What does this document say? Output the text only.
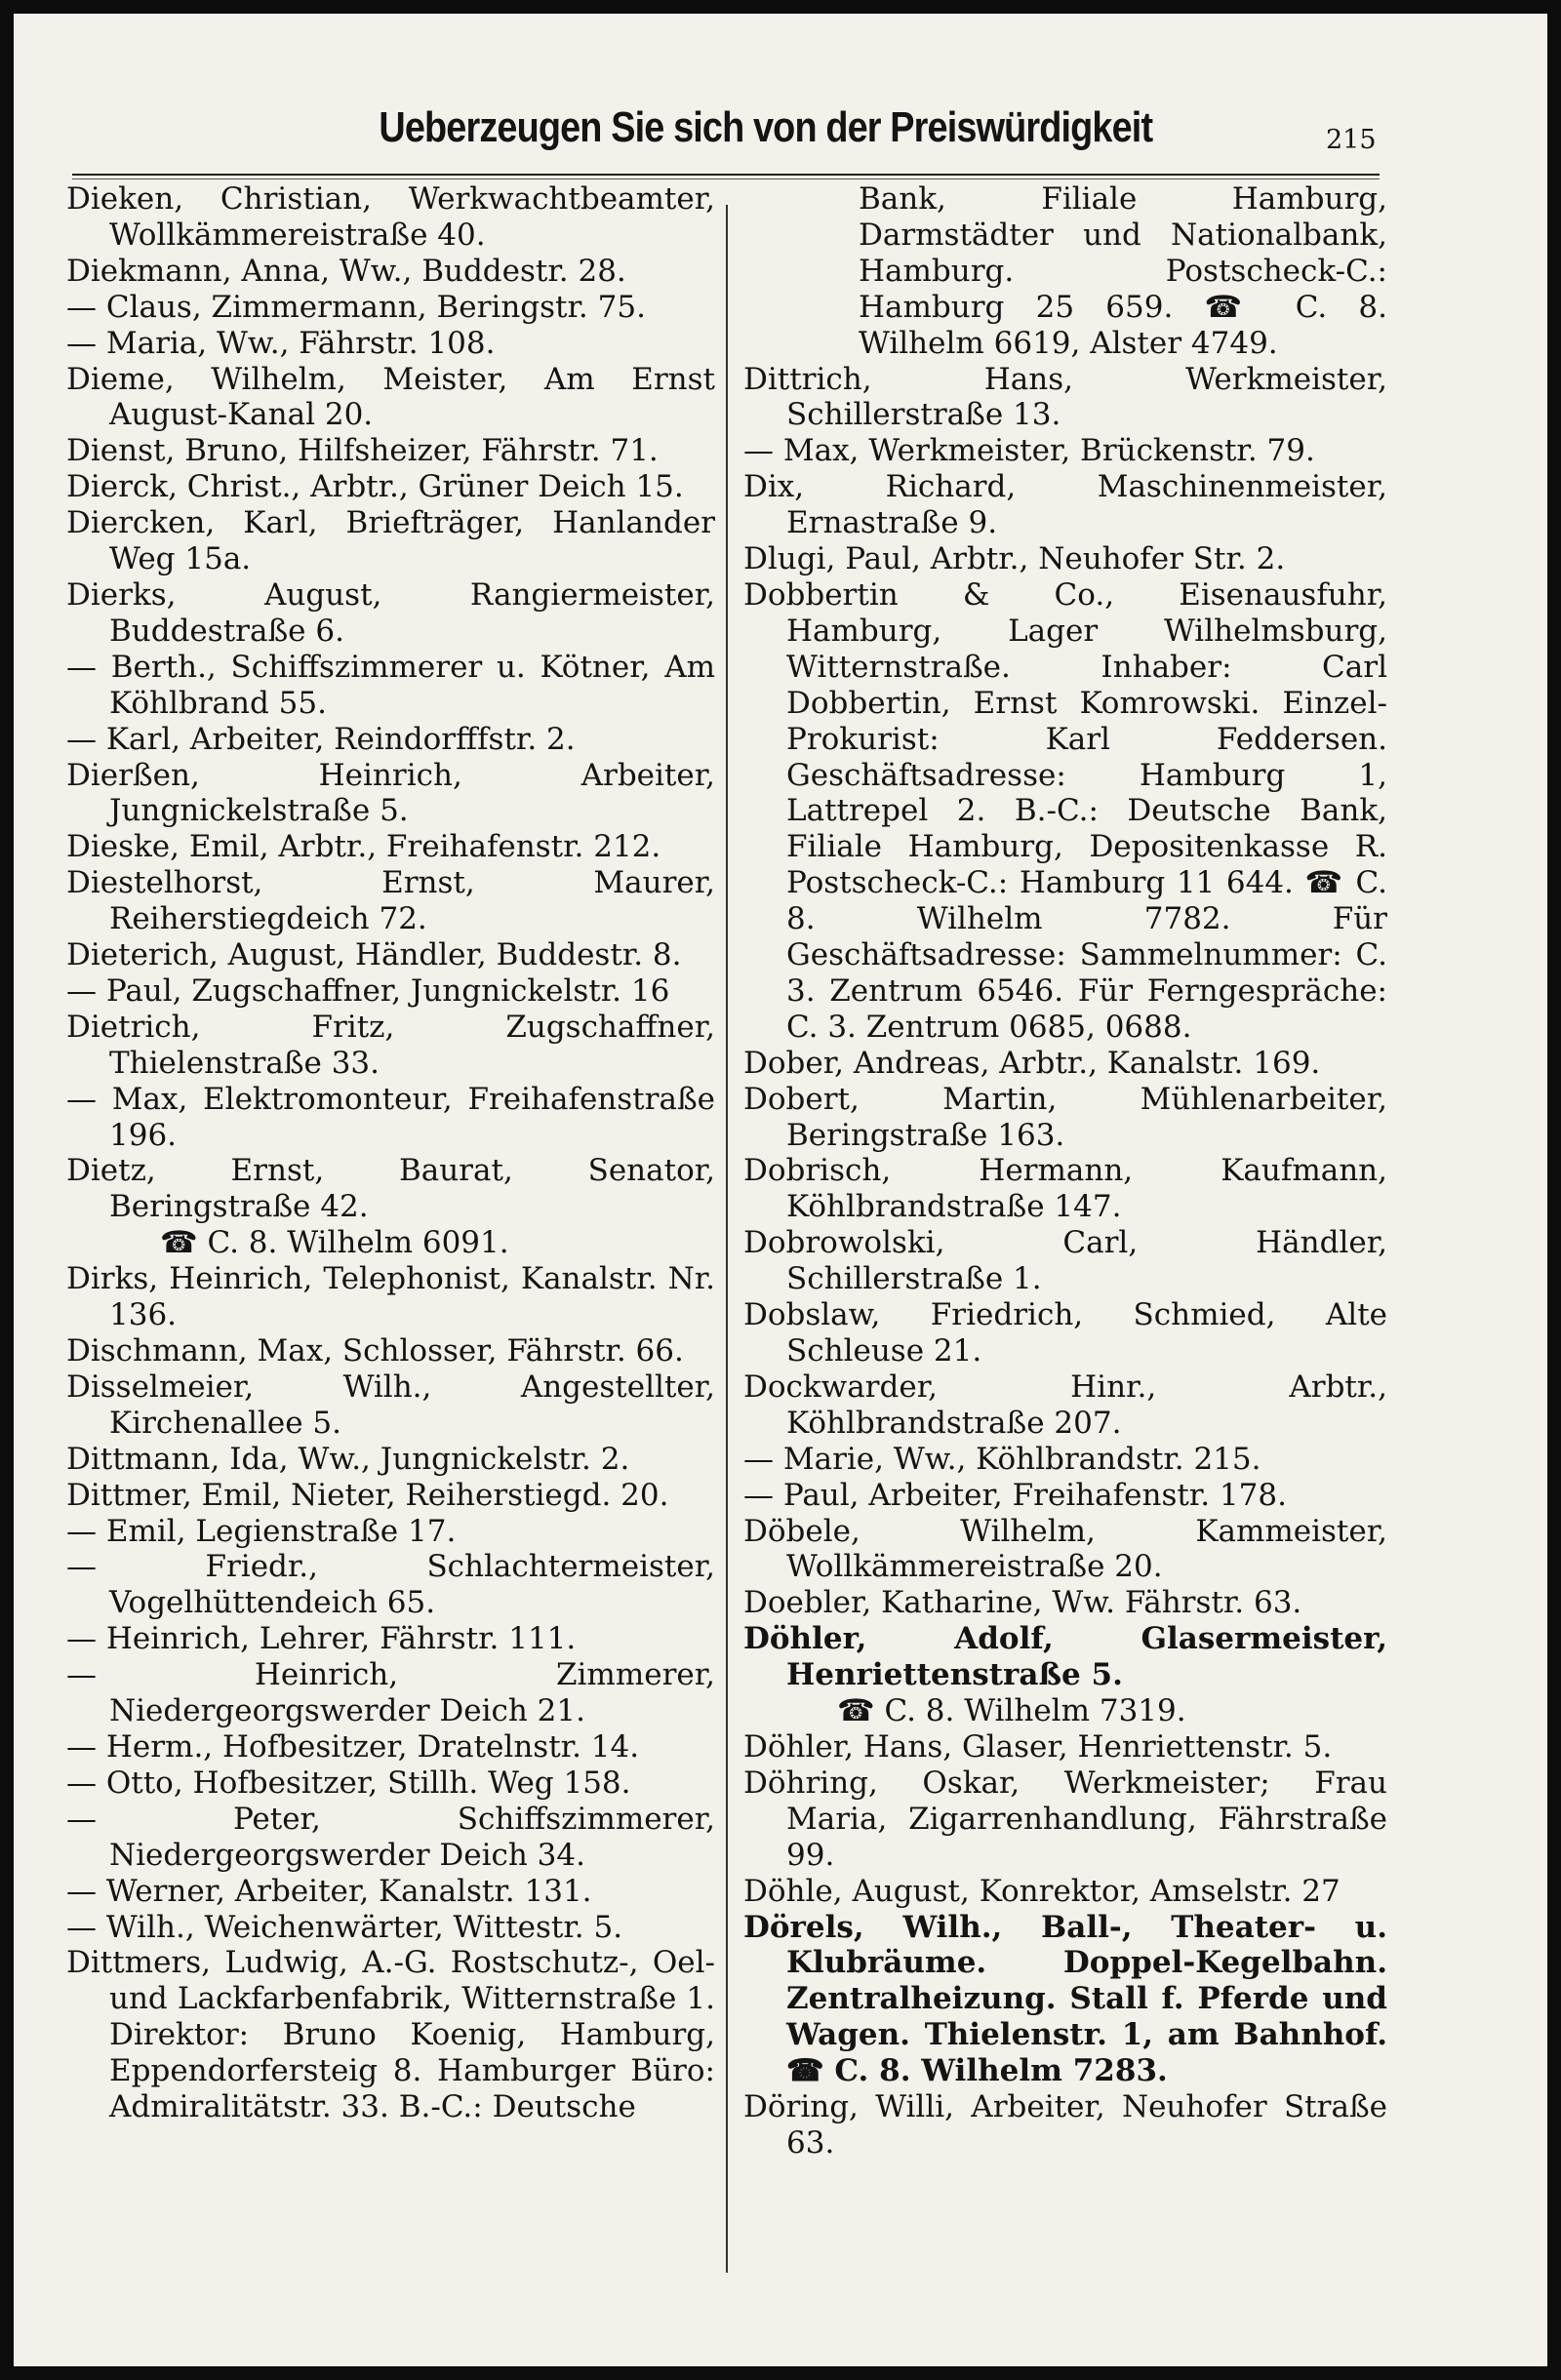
Ueberzeugen Sie sich von der Preiswürdigkeit	215
Dieken, Christian, Werkwachtbeamter, Wollkämmereistraße 40.
Diekmann, Anna, Ww., Buddestr. 28.
— Claus, Zimmermann, Beringstr. 75.
— Maria, Ww., Fährstr. 108.
Dieme, Wilhelm, Meister, Am Ernst August-Kanal 20.
Dienst, Bruno, Hilfsheizer, Fährstr. 71.
Dierck, Christ., Arbtr., Grüner Deich 15.
Diercken, Karl, Briefträger, Hanlander Weg 15a.
Dierks, August, Rangiermeister, Buddestraße 6.
— Berth., Schiffszimmerer u. Kötner, Am Köhlbrand 55.
— Karl, Arbeiter, Reindorfffstr. 2.
Dierßen, Heinrich, Arbeiter, Jungnickelstraße 5.
Dieske, Emil, Arbtr., Freihafenstr. 212.
Diestelhorst, Ernst, Maurer, Reiherstiegdeich 72.
Dieterich, August, Händler, Buddestr. 8.
— Paul, Zugschaffner, Jungnickelstr. 16
Dietrich, Fritz, Zugschaffner, Thielenstraße 33.
— Max, Elektromonteur, Freihafenstraße 196.
Dietz, Ernst, Baurat, Senator, Beringstraße 42.
☎ C. 8. Wilhelm 6091.
Dirks, Heinrich, Telephonist, Kanalstr. Nr. 136.
Dischmann, Max, Schlosser, Fährstr. 66.
Disselmeier, Wilh., Angestellter, Kirchenallee 5.
Dittmann, Ida, Ww., Jungnickelstr. 2.
Dittmer, Emil, Nieter, Reiherstiegd. 20.
— Emil, Legienstraße 17.
— Friedr., Schlachtermeister, Vogelhüttendeich 65.
— Heinrich, Lehrer, Fährstr. 111.
— Heinrich, Zimmerer, Niedergeorgswerder Deich 21.
— Herm., Hofbesitzer, Dratelnstr. 14.
— Otto, Hofbesitzer, Stillh. Weg 158.
— Peter, Schiffszimmerer, Niedergeorgswerder Deich 34.
— Werner, Arbeiter, Kanalstr. 131.
— Wilh., Weichenwärter, Wittestr. 5.
Dittmers, Ludwig, A.-G. Rostschutz-, Oel- und Lackfarbenfabrik, Witternstraße 1. Direktor: Bruno Koenig, Hamburg, Eppendorfersteig 8. Hamburger Büro: Admiralitätstr. 33. B.-C.: Deutsche
Bank, Filiale Hamburg, Darmstädter und Nationalbank, Hamburg. Postscheck-C.: Hamburg 25 659. ☎ C. 8. Wilhelm 6619, Alster 4749.
Dittrich, Hans, Werkmeister, Schillerstraße 13.
— Max, Werkmeister, Brückenstr. 79.
Dix, Richard, Maschinenmeister, Ernastraße 9.
Dlugi, Paul, Arbtr., Neuhofer Str. 2.
Dobbertin & Co., Eisenausfuhr, Hamburg, Lager Wilhelmsburg, Witternstraße. Inhaber: Carl Dobbertin, Ernst Komrowski. Einzel-Prokurist: Karl Feddersen. Geschäftsadresse: Hamburg 1, Lattrepel 2. B.-C.: Deutsche Bank, Filiale Hamburg, Depositenkasse R. Postscheck-C.: Hamburg 11 644. ☎ C. 8. Wilhelm 7782. Für Geschäftsadresse: Sammelnummer: C. 3. Zentrum 6546. Für Ferngespräche: C. 3. Zentrum 0685, 0688.
Dober, Andreas, Arbtr., Kanalstr. 169.
Dobert, Martin, Mühlenarbeiter, Beringstraße 163.
Dobrisch, Hermann, Kaufmann, Köhlbrandstraße 147.
Dobrowolski, Carl, Händler, Schillerstraße 1.
Dobslaw, Friedrich, Schmied, Alte Schleuse 21.
Dockwarder, Hinr., Arbtr., Köhlbrandstraße 207.
— Marie, Ww., Köhlbrandstr. 215.
— Paul, Arbeiter, Freihafenstr. 178.
Döbele, Wilhelm, Kammeister, Wollkämmereistraße 20.
Doebler, Katharine, Ww. Fährstr. 63.
Döhler, Adolf, Glasermeister, Henriettenstraße 5.
☎ C. 8. Wilhelm 7319.
Döhler, Hans, Glaser, Henriettenstr. 5.
Döhring, Oskar, Werkmeister; Frau Maria, Zigarrenhandlung, Fährstraße 99.
Döhle, August, Konrektor, Amselstr. 27
Dörels, Wilh., Ball-, Theater- u. Klubräume. Doppel-Kegelbahn. Zentralheizung. Stall f. Pferde und Wagen. Thielenstr. 1, am Bahnhof. ☎ C. 8. Wilhelm 7283.
Döring, Willi, Arbeiter, Neuhofer Straße 63.
